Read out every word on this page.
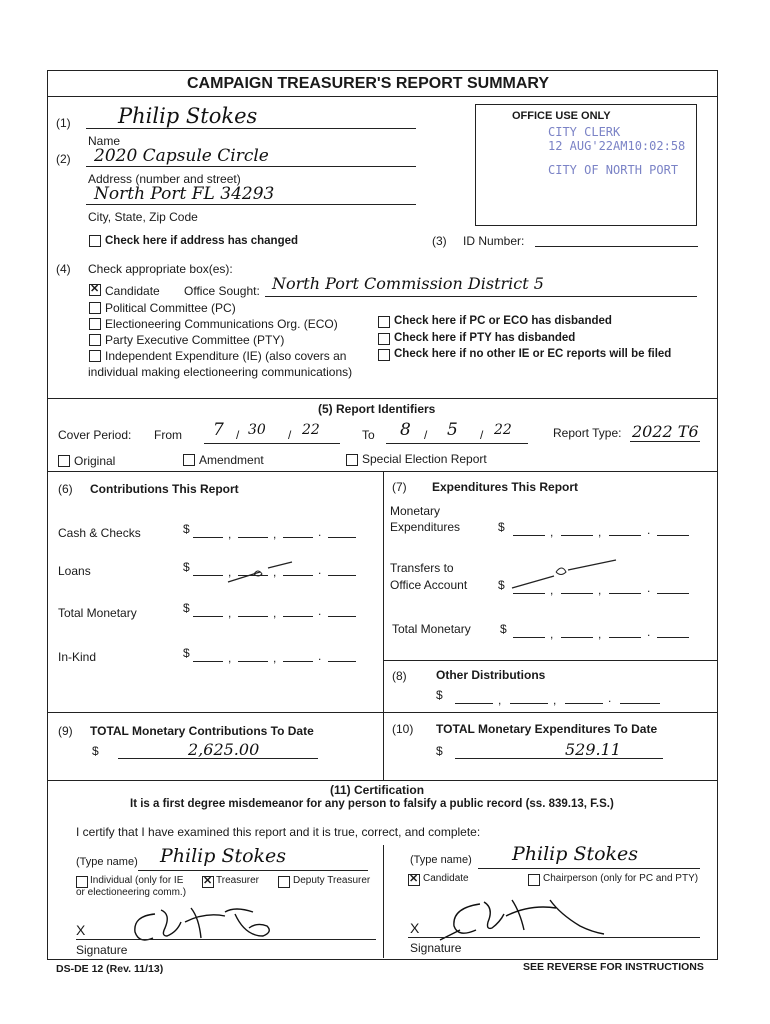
CAMPAIGN TREASURER'S REPORT SUMMARY
OFFICE USE ONLY
CITY CLERK
12 AUG'22AM10:02:58
CITY OF NORTH PORT
(1) Philip Stokes
Name
(2) 2020 Capsule Circle
Address (number and street)
North Port FL 34293
City, State, Zip Code
Check here if address has changed	(3) ID Number:
(4) Check appropriate box(es):
✕
Candidate Office Sought: North Port Commission District 5
Political Committee (PC)
Electioneering Communications Org. (ECO)
Party Executive Committee (PTY)
Independent Expenditure (IE) (also covers an
individual making electioneering communications)
Check here if PC or ECO has disbanded
Check here if PTY has disbanded
Check here if no other IE or EC reports will be filed
(5) Report Identifiers
Cover Period: From 7 / 30 / 22	To 8 / 5 / 22	Report Type: 2022 T6
Original	Amendment	Special Election Report
(6) Contributions This Report
Cash & Checks	$	,	,	.
Loans	$	,	,	.
Total Monetary	$	,	,	.
In-Kind	$	,	,	.
(7) Expenditures This Report
Monetary
Expenditures	$	,	,	.
Transfers to
Office Account	$	,	,	.
Total Monetary $	,	,	.
(8) Other Distributions
$	,	,	.
(9) TOTAL Monetary Contributions To Date
$	2,625.00
(10) TOTAL Monetary Expenditures To Date
$	529.11
(11) Certification
It is a first degree misdemeanor for any person to falsify a public record (ss. 839.13, F.S.)
I certify that I have examined this report and it is true, correct, and complete:
(Type name) Philip Stokes
Individual (only for IE
or electioneering comm.)
✕
Treasurer	Deputy Treasurer
X
Signature
(Type name) Philip Stokes
✕
Candidate	Chairperson (only for PC and PTY)
X
Signature
DS-DE 12 (Rev. 11/13)	SEE REVERSE FOR INSTRUCTIONS
